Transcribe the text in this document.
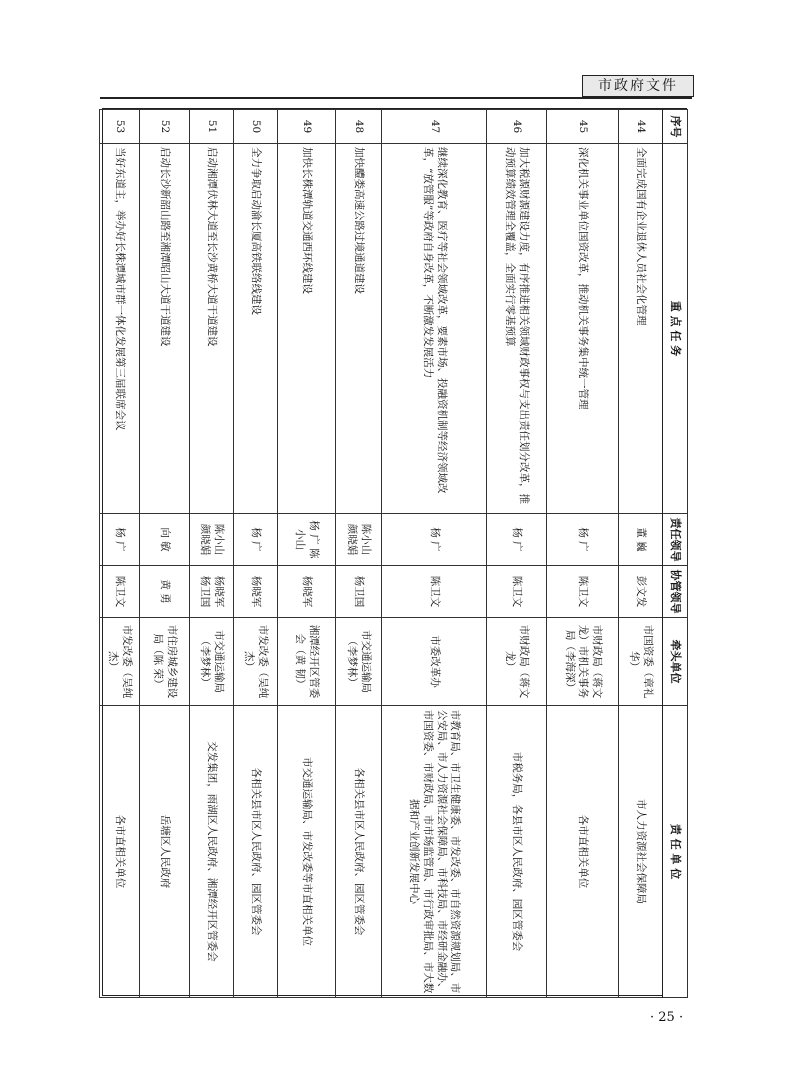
市政府文件
序号	重 点 任 务	责任领导	协管领导	牵头单位	责 任 单 位
44	全面完成国有企业退休人员社会化管理	董 巍	彭文发	市国资委（章礼华）	市人力资源社会保障局
45	深化机关事业单位国资改革，推动机关事务集中统一管理	杨 广	陈卫文	市财政局（蒋文龙）市机关事务局（李海深）	各市直相关单位
46	加大税源财源建设力度，有序推进相关领域财政事权与支出责任划分改革，推动预算绩效管理全覆盖，全面实行零基预算	杨 广	陈卫文	市财政局（蒋文龙）	市税务局，各县市区人民政府、园区管委会
47	继续深化教育、医疗等社会领域改革，要素市场、投融资机制等经济领域改革，“放管服”等政府自身改革，不断激发发展活力	杨 广	陈卫文	市委改革办	市教育局、市卫生健康委、市发改委、市自然资源规划局、市公安局、市人力资源社会保障局、市科技局、市经研金融办、市国资委、市财政局、市市场监管局、市行政审批局、市大数据和产业创新发展中心
48	加快醴娄高速公路过境通道建设	陈小山 颜晓娟	杨卫国	市交通运输局（李梦林）	各相关县市区人民政府、园区管委会
49	加快长株潭轨道交通西环线建设	杨 广 陈小山	杨晓军	湘潭经开区管委会（黄 韧）	市交通运输局、市发改委等市直相关单位
50	全力争取启动渝长厦高铁联络线建设	杨 广	杨晓军	市发改委（吴纯杰）	各相关县市区人民政府、园区管委会
51	启动湘潭伏林大道至长沙黄桥大道干道建设	陈小山 颜晓娟	杨晓军 杨卫国	市交通运输局（李梦林）	交发集团，雨湖区人民政府、湘潭经开区管委会
52	启动长沙新韶山路至湘潭昭山大道干道建设	向 敏	黄 勇	市住房城乡建设局（陈 荣）	岳塘区人民政府
53	当好东道主，举办好长株潭城市群一体化发展第三届联席会议	杨 广	陈卫文	市发改委（吴纯杰）	各市直相关单位
· 25 ·
